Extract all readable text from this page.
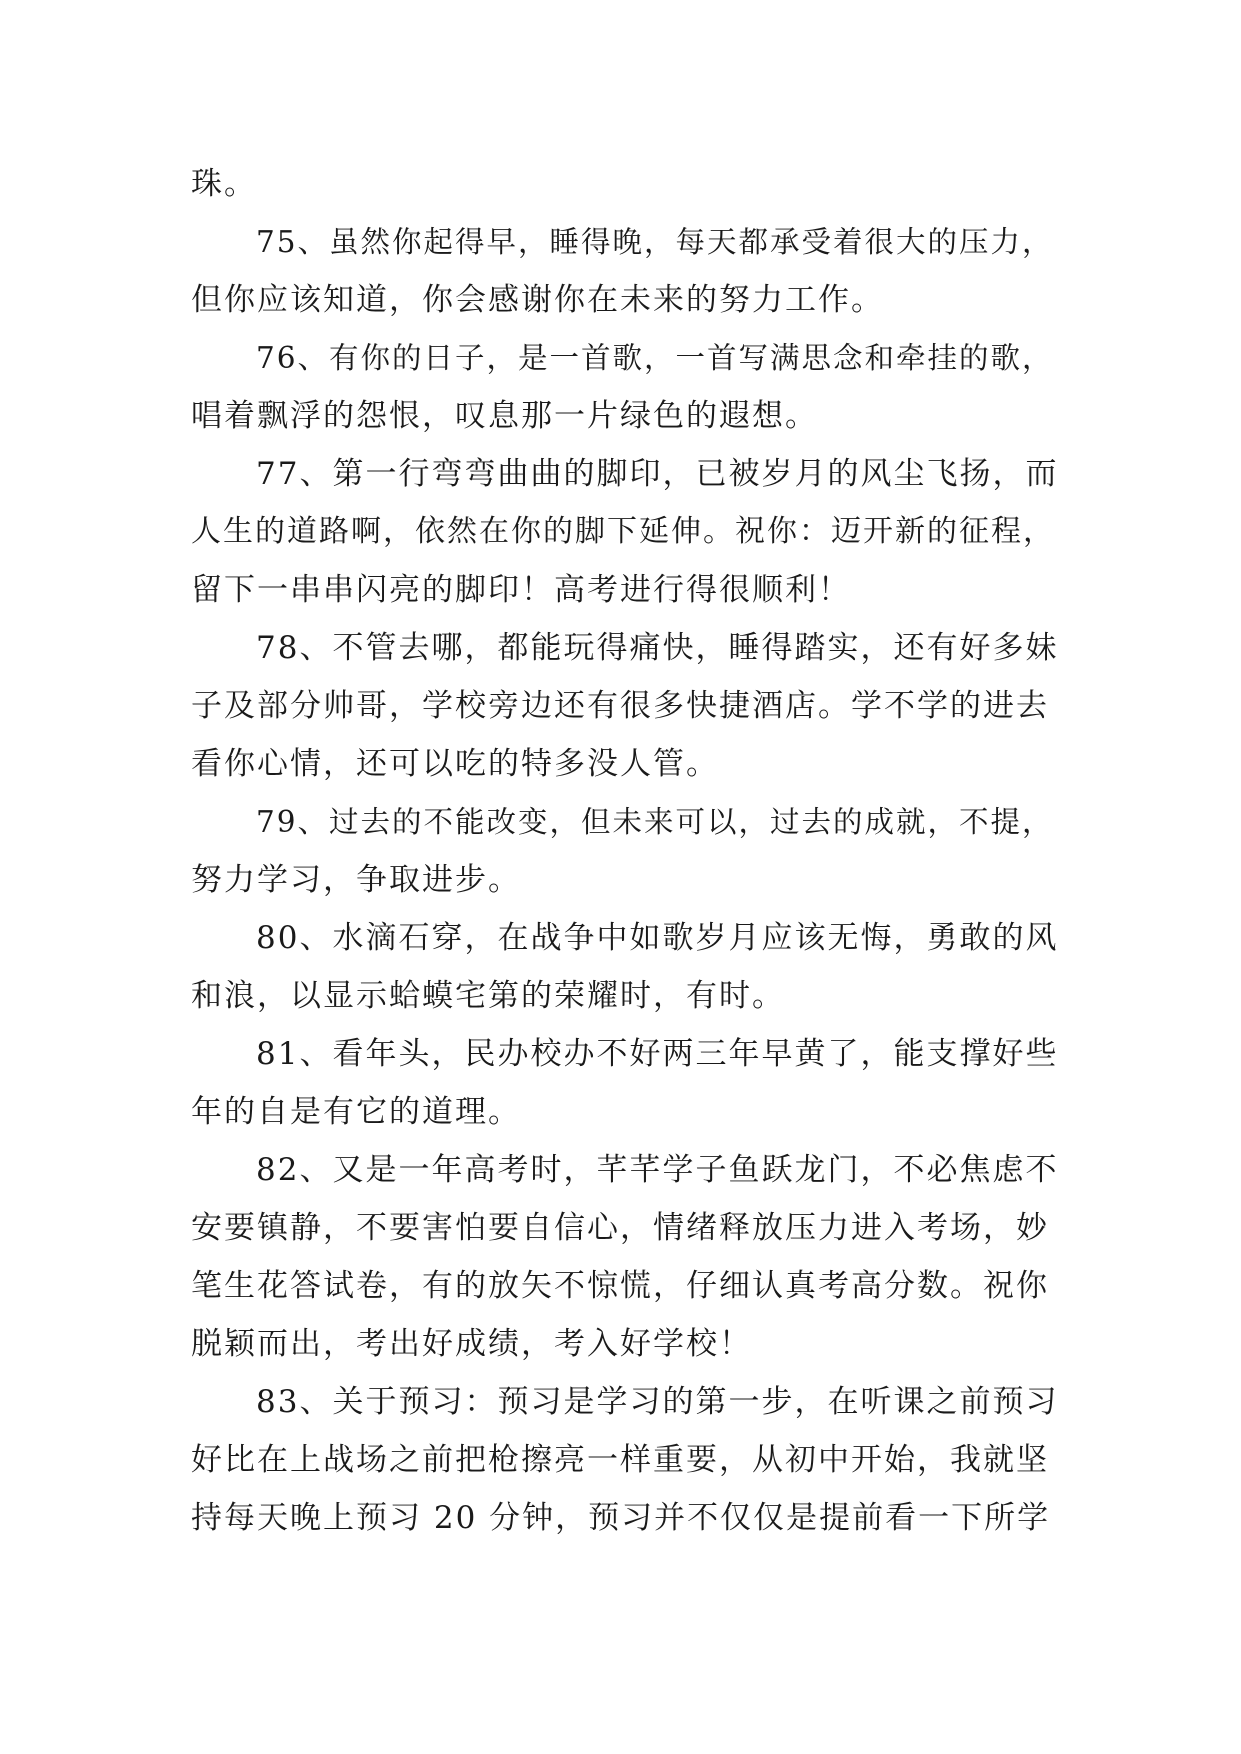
珠。
75、虽然你起得早，睡得晚，每天都承受着很大的压力，
但你应该知道，你会感谢你在未来的努力工作。
76、有你的日子，是一首歌，一首写满思念和牵挂的歌，
唱着飘浮的怨恨，叹息那一片绿色的遐想。
77、第一行弯弯曲曲的脚印，已被岁月的风尘飞扬，而
人生的道路啊，依然在你的脚下延伸。祝你：迈开新的征程，
留下一串串闪亮的脚印！高考进行得很顺利！
78、不管去哪，都能玩得痛快，睡得踏实，还有好多妹
子及部分帅哥，学校旁边还有很多快捷酒店。学不学的进去
看你心情，还可以吃的特多没人管。
79、过去的不能改变，但未来可以，过去的成就，不提，
努力学习，争取进步。
80、水滴石穿，在战争中如歌岁月应该无悔，勇敢的风
和浪，以显示蛤蟆宅第的荣耀时，有时。
81、看年头，民办校办不好两三年早黄了，能支撑好些
年的自是有它的道理。
82、又是一年高考时，芊芊学子鱼跃龙门，不必焦虑不
安要镇静，不要害怕要自信心，情绪释放压力进入考场，妙
笔生花答试卷，有的放矢不惊慌，仔细认真考高分数。祝你
脱颖而出，考出好成绩，考入好学校！
83、关于预习：预习是学习的第一步，在听课之前预习
好比在上战场之前把枪擦亮一样重要，从初中开始，我就坚
持每天晚上预习 20 分钟，预习并不仅仅是提前看一下所学
